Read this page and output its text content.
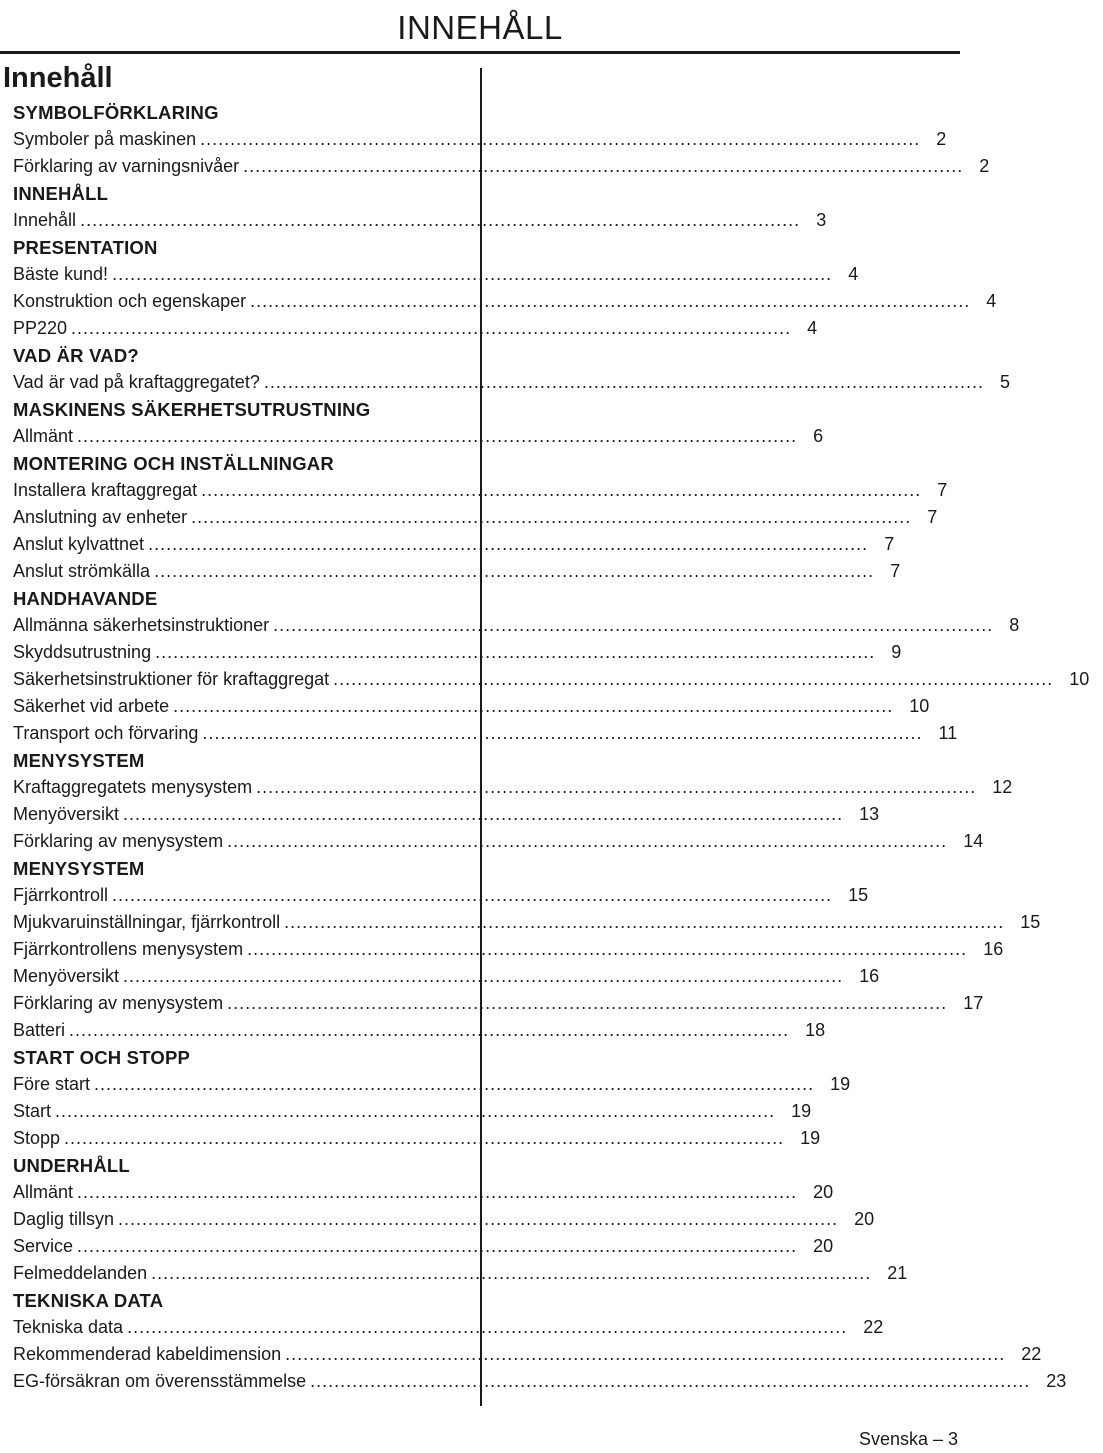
INNEHÅLL
Innehåll
SYMBOLFÖRKLARING
Symboler på maskinen ........................................................................................................................ 2
Förklaring av varningsnivåer ........................................................................................................................ 2
INNEHÅLL
Innehåll ........................................................................................................................ 3
PRESENTATION
Bäste kund! ........................................................................................................................ 4
Konstruktion och egenskaper ........................................................................................................................ 4
PP220 ........................................................................................................................ 4
VAD ÄR VAD?
Vad är vad på kraftaggregatet? ........................................................................................................................ 5
MASKINENS SÄKERHETSUTRUSTNING
Allmänt ........................................................................................................................ 6
MONTERING OCH INSTÄLLNINGAR
Installera kraftaggregat ........................................................................................................................ 7
Anslutning av enheter ........................................................................................................................ 7
Anslut kylvattnet ........................................................................................................................ 7
Anslut strömkälla ........................................................................................................................ 7
HANDHAVANDE
Allmänna säkerhetsinstruktioner ........................................................................................................................ 8
Skyddsutrustning ........................................................................................................................ 9
Säkerhetsinstruktioner för kraftaggregat ........................................................................................................................ 10
Säkerhet vid arbete ........................................................................................................................ 10
Transport och förvaring ........................................................................................................................ 11
MENYSYSTEM
Kraftaggregatets menysystem ........................................................................................................................ 12
Menyöversikt ........................................................................................................................ 13
Förklaring av menysystem ........................................................................................................................ 14
MENYSYSTEM
Fjärrkontroll ........................................................................................................................ 15
Mjukvaruinställningar, fjärrkontroll ........................................................................................................................ 15
Fjärrkontrollens menysystem ........................................................................................................................ 16
Menyöversikt ........................................................................................................................ 16
Förklaring av menysystem ........................................................................................................................ 17
Batteri ........................................................................................................................ 18
START OCH STOPP
Före start ........................................................................................................................ 19
Start ........................................................................................................................ 19
Stopp ........................................................................................................................ 19
UNDERHÅLL
Allmänt ........................................................................................................................ 20
Daglig tillsyn ........................................................................................................................ 20
Service ........................................................................................................................ 20
Felmeddelanden ........................................................................................................................ 21
TEKNISKA DATA
Tekniska data ........................................................................................................................ 22
Rekommenderad kabeldimension ........................................................................................................................ 22
EG-försäkran om överensstämmelse ........................................................................................................................ 23
Svenska – 3
